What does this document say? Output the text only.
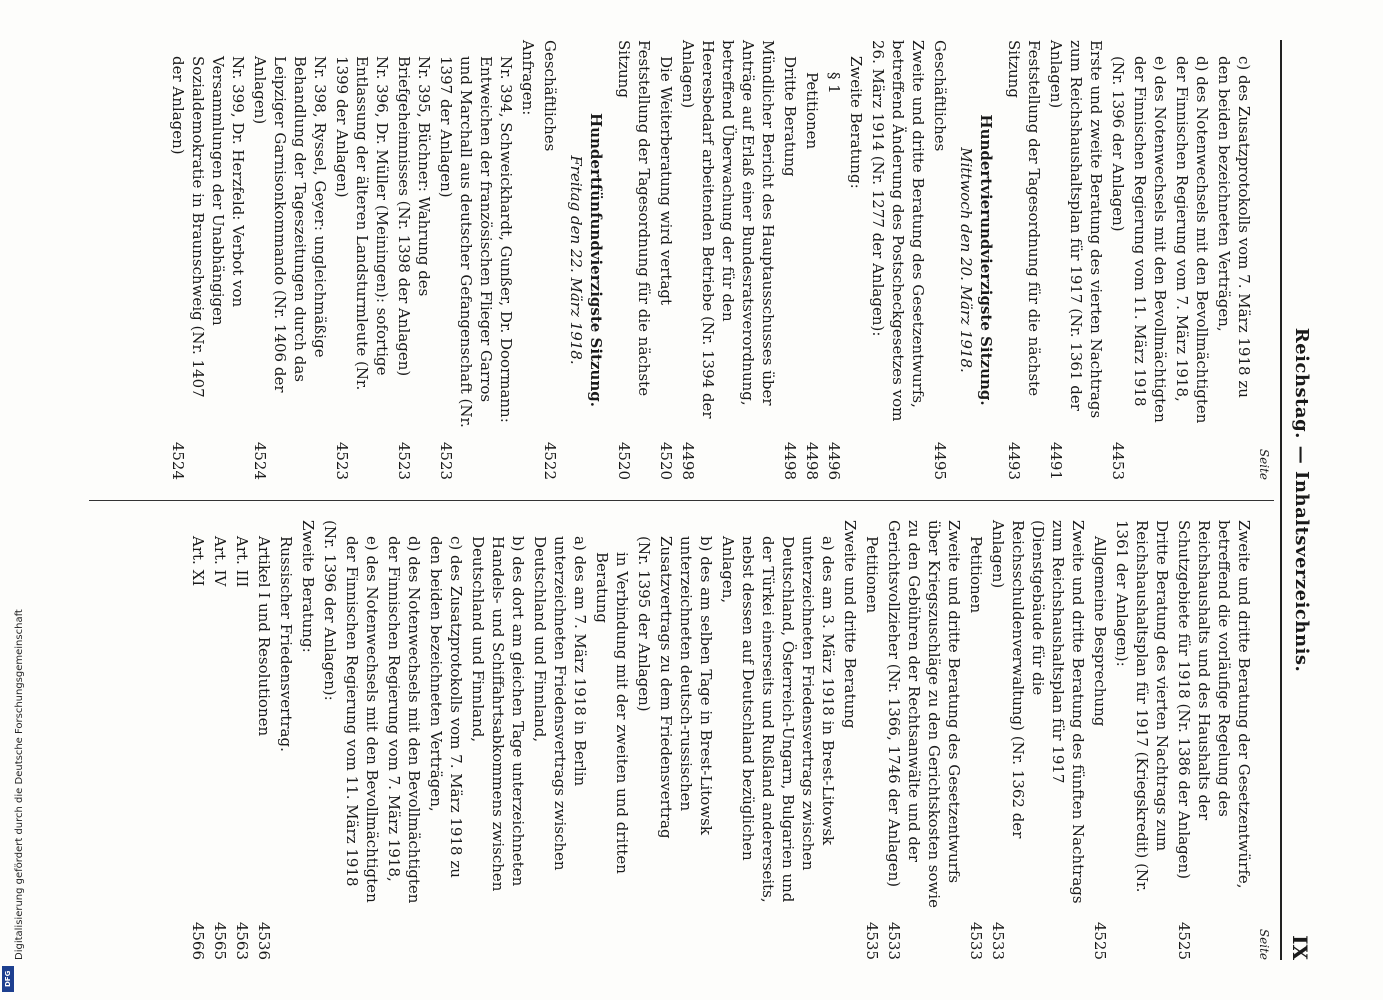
DFG
Digitalisierung gefördert durch die Deutsche Forschungsgemeinschaft
Reichstag. — Inhaltsverzeichnis.
IX
Seite
c) des Zusatzprotokolls vom 7. März 1918 zu den beiden bezeichneten Verträgen,
d) des Notenwechsels mit den Bevollmächtigten der Finnischen Regierung vom 7. März 1918,
e) des Notenwechsels mit den Bevollmächtigten der Finnischen Regierung vom 11. März 1918
(Nr. 1396 der Anlagen)
4453
Erste und zweite Beratung des vierten Nachtrags zum Reichshaushaltsplan für 1917 (Nr. 1361 der Anlagen)
4491
Feststellung der Tagesordnung für die nächste Sitzung
4493
Hundertvierundvierzigste Sitzung.
Mittwoch den 20. März 1918.
Geschäftliches
4495
Zweite und dritte Beratung des Gesetzentwurfs, betreffend Änderung des Postscheckgesetzes vom 26. März 1914 (Nr. 1277 der Anlagen):
Zweite Beratung:
§ 1
4496
Petitionen
4498
Dritte Beratung
4498
Mündlicher Bericht des Hauptausschusses über Anträge auf Erlaß einer Bundesratsverordnung, betreffend Überwachung der für den Heeresbedarf arbeitenden Betriebe (Nr. 1394 der Anlagen)
4498
Die Weiterberatung wird vertagt
4520
Feststellung der Tagesordnung für die nächste Sitzung
4520
Hundertfünfundvierzigste Sitzung.
Freitag den 22. März 1918.
Geschäftliches
4522
Anfragen:
Nr. 394, Schweickhardt, Gunßer, Dr. Doormann: Entweichen der französischen Flieger Garros und Marchall aus deutscher Gefangenschaft (Nr. 1397 der Anlagen)
4523
Nr. 395, Büchner: Wahrung des Briefgeheimnisses (Nr. 1398 der Anlagen)
4523
Nr. 396, Dr. Müller (Meiningen): sofortige Entlassung der älteren Landsturmleute (Nr. 1399 der Anlagen)
4523
Nr. 398, Ryssel, Geyer: ungleichmäßige Behandlung der Tageszeitungen durch das Leipziger Garnisonkommando (Nr. 1406 der Anlagen)
4524
Nr. 399, Dr. Herzfeld: Verbot von Versammlungen der Unabhängigen Sozialdemokratie in Braunschweig (Nr. 1407 der Anlagen)
4524
Seite
Zweite und dritte Beratung der Gesetzentwürfe, betreffend die vorläufige Regelung des Reichshaushalts und des Haushalts der Schutzgebiete für 1918 (Nr. 1386 der Anlagen)
4525
Dritte Beratung des vierten Nachtrags zum Reichshaushaltsplan für 1917 (Kriegskredit) (Nr. 1361 der Anlagen):
Allgemeine Besprechung
4525
Zweite und dritte Beratung des fünften Nachtrags zum Reichshaushaltsplan für 1917 (Dienstgebäude für die Reichsschuldenverwaltung) (Nr. 1362 der Anlagen)
4533
Petitionen
4533
Zweite und dritte Beratung des Gesetzentwurfs über Kriegszuschläge zu den Gerichtskosten sowie zu den Gebühren der Rechtsanwälte und der Gerichtsvollzieher (Nr. 1366, 1746 der Anlagen)
4533
Petitionen
4535
Zweite und dritte Beratung
a) des am 3. März 1918 in Brest-Litowsk unterzeichneten Friedensvertrags zwischen Deutschland, Österreich-Ungarn, Bulgarien und der Türkei einerseits und Rußland andererseits, nebst dessen auf Deutschland bezüglichen Anlagen,
b) des am selben Tage in Brest-Litowsk unterzeichneten deutsch-russischen Zusatzvertrags zu dem Friedensvertrag
(Nr. 1395 der Anlagen)
in Verbindung mit der zweiten und dritten Beratung
a) des am 7. März 1918 in Berlin unterzeichneten Friedensvertrags zwischen Deutschland und Finnland,
b) des dort am gleichen Tage unterzeichneten Handels- und Schiffahrtsabkommens zwischen Deutschland und Finnland,
c) des Zusatzprotokolls vom 7. März 1918 zu den beiden bezeichneten Verträgen,
d) des Notenwechsels mit den Bevollmächtigten der Finnischen Regierung vom 7. März 1918,
e) des Notenwechsels mit den Bevollmächtigten der Finnischen Regierung vom 11. März 1918
(Nr. 1396 der Anlagen):
Zweite Beratung:
Russischer Friedensvertrag.
Artikel I und Resolutionen
4536
Art. III
4563
Art. IV
4565
Art. XI
4566
